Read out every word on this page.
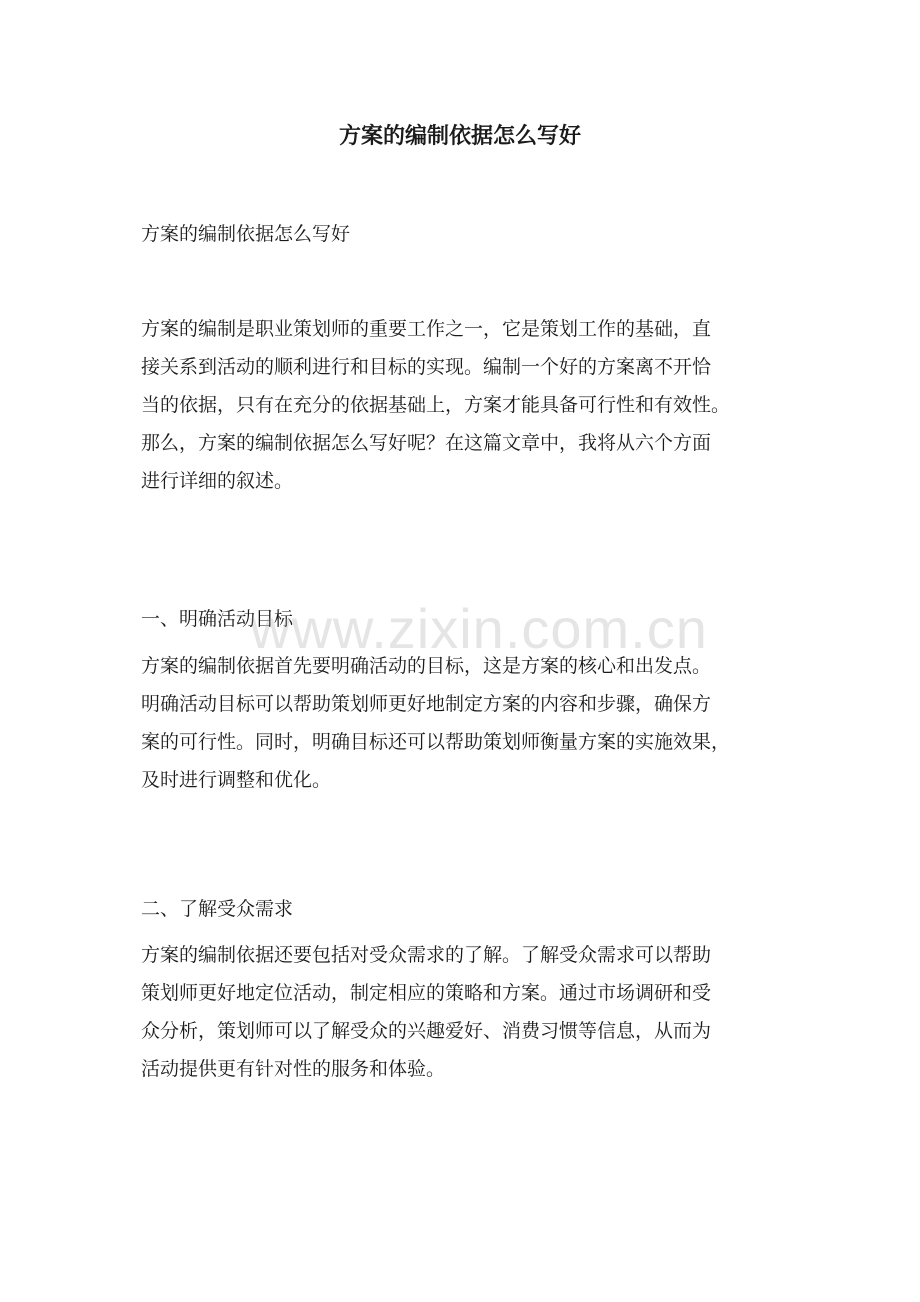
方案的编制依据怎么写好

方案的编制依据怎么写好

方案的编制是职业策划师的重要工作之一，它是策划工作的基础，直
接关系到活动的顺利进行和目标的实现。编制一个好的方案离不开恰
当的依据，只有在充分的依据基础上，方案才能具备可行性和有效性。
那么，方案的编制依据怎么写好呢？在这篇文章中，我将从六个方面
进行详细的叙述。
一、明确活动目标
方案的编制依据首先要明确活动的目标，这是方案的核心和出发点。
明确活动目标可以帮助策划师更好地制定方案的内容和步骤，确保方
案的可行性。同时，明确目标还可以帮助策划师衡量方案的实施效果，
及时进行调整和优化。
二、了解受众需求
方案的编制依据还要包括对受众需求的了解。了解受众需求可以帮助
策划师更好地定位活动，制定相应的策略和方案。通过市场调研和受
众分析，策划师可以了解受众的兴趣爱好、消费习惯等信息，从而为
活动提供更有针对性的服务和体验。
www.zixin.com.cn
